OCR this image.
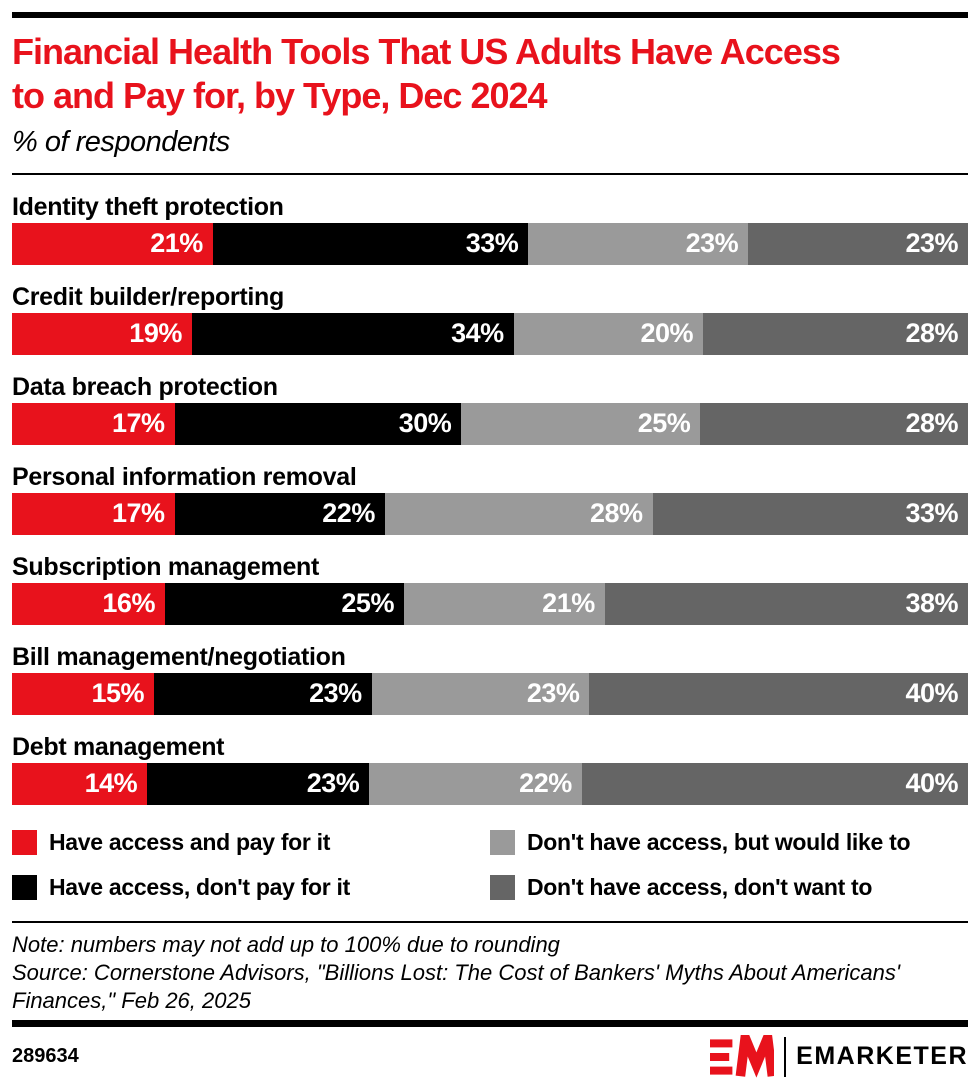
Financial Health Tools That US Adults Have Access
to and Pay for, by Type, Dec 2024
% of respondents
Identity theft protection
21%	33%	23%	23%
Credit builder/reporting
19%	34%	20%	28%
Data breach protection
17%	30%	25%	28%
Personal information removal
17%	22%	28%	33%
Subscription management
16%	25%	21%	38%
Bill management/negotiation
15%	23%	23%	40%
Debt management
14%	23%	22%	40%
Have access and pay for it
Have access, don't pay for it
Don't have access, but would like to
Don't have access, don't want to

Note: numbers may not add up to 100% due to rounding

Source: Cornerstone Advisors, "Billions Lost: The Cost of Bankers' Myths About Americans' Finances," Feb 26, 2025

289634	EMARKETER
